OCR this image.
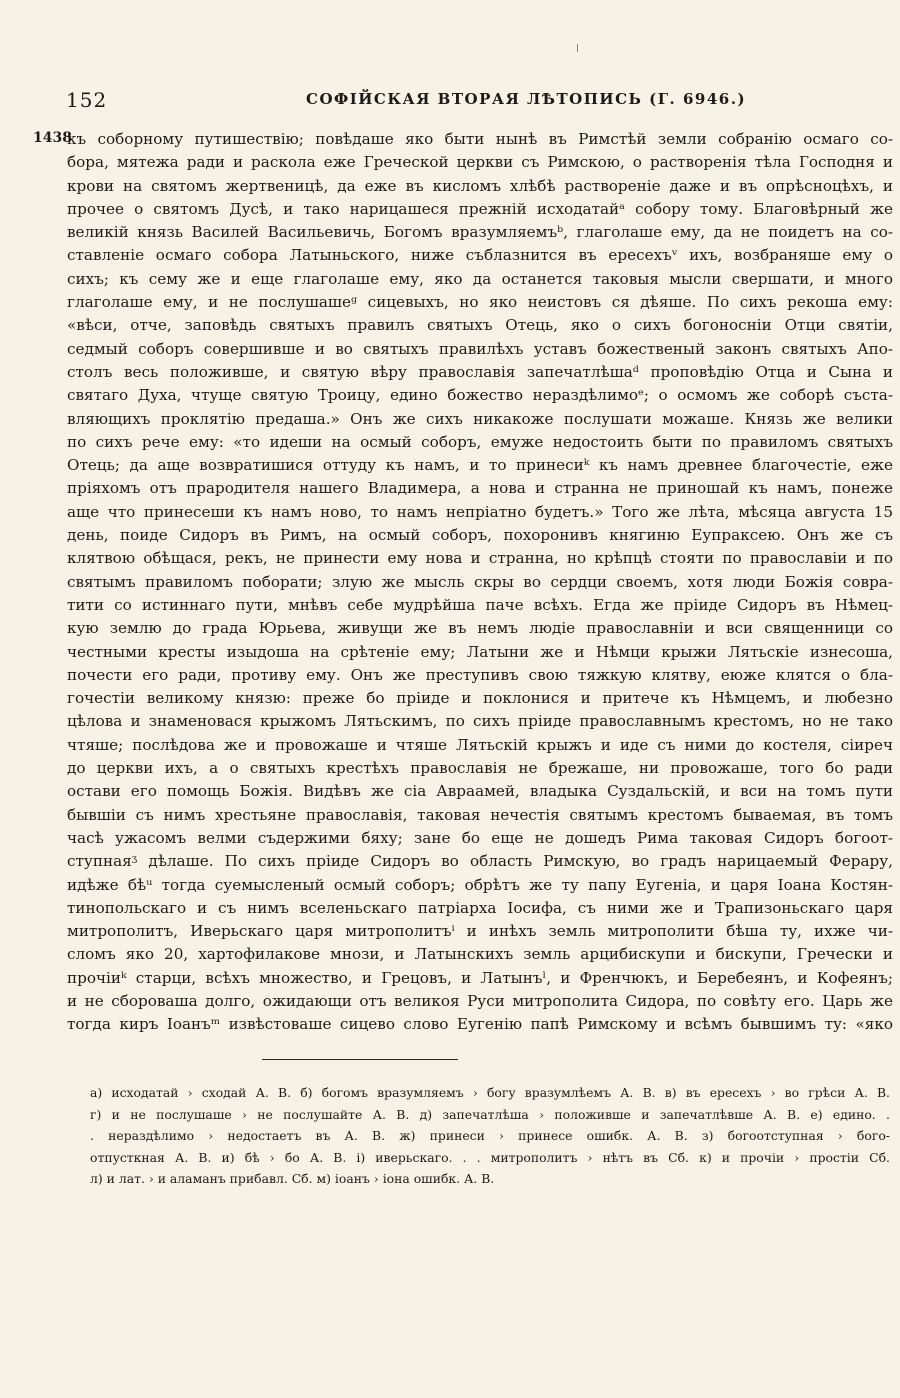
152	СОФІЙСКАЯ ВТОРАЯ ЛѢТОПИСЬ (Г. 6946.)
1438
къ соборному путишествію; повѣдаше яко быти нынѣ въ Римстѣй земли собранію осмаго со-
бора, мятежа ради и раскола еже Греческой церкви съ Римскою, о растворенія тѣла Господня и
крови на святомъ жертвеницѣ, да еже въ кисломъ хлѣбѣ растворенiе даже и въ опрѣсноцѣхъ, и
прочее о святомъ Дусѣ, и тако нарицашеся прежній исходатайᵃ собору тому. Благовѣрный же
великій князь Василей Васильевичь, Богомъ вразумляемъᵇ, глаголаше ему, да не поидетъ на со-
ставленіе осмаго собора Латыньского, ниже съблазнится въ ересехъᵛ ихъ, возбраняше ему о
сихъ; къ сему же и еще глаголаше ему, яко да останется таковыя мысли свершати, и много
глаголаше ему, и не послушашеᵍ сицевыхъ, но яко неистовъ ся дѣяше. По сихъ рекоша ему:
«вѣси, отче, заповѣдь святыхъ правилъ святыхъ Отець, яко о сихъ богоносніи Отци святіи,
седмый соборъ совершивше и во святыхъ правилѣхъ уставъ божественый законъ святыхъ Апо-
столъ весь положивше, и святую вѣру православія запечатлѣшаᵈ проповѣдію Отца и Сына и
святаго Духа, чтуще святую Троицу, едино божество нераздѣлимоᵉ; о осмомъ же соборѣ съста-
вляющихъ проклятію предаша.» Онъ же сихъ никакоже послушати можаше. Князь же велики
по сихъ рече ему: «то идеши на осмый соборъ, емуже недостоить быти по правиломъ святыхъ
Отець; да аще возвратишися оттуду къ намъ, и то принесиᵏ къ намъ древнее благочестіе, еже
пріяхомъ отъ прародителя нашего Владимера, а нова и странна не приношай къ намъ, понеже
аще что принесеши къ намъ ново, то намъ непріатно будетъ.» Того же лѣта, мѣсяца августа 15
день, поиде Сидоръ въ Римъ, на осмый соборъ, похоронивъ княгиню Еупраксею. Онъ же съ
клятвою обѣщася, рекъ, не принести ему нова и странна, но крѣпцѣ стояти по православіи и по
святымъ правиломъ поборати; злую же мысль скры во сердци своемъ, хотя люди Божія совра-
тити со истиннаго пути, мнѣвъ себе мудрѣйша паче всѣхъ. Егда же пріиде Сидоръ въ Нѣмец-
кую землю до града Юрьева, живущи же въ немъ людіе православніи и вси священници со
честными кресты изыдоша на срѣтеніе ему; Латыни же и Нѣмци крыжи Лятьскіе изнесоша,
почести его ради, противу ему. Онъ же преступивъ свою тяжкую клятву, еюже клятся о бла-
гочестіи великому князю: преже бо пріиде и поклонися и притече къ Нѣмцемъ, и любезно
цѣлова и знаменовася крыжомъ Лятьскимъ, по сихъ пріиде православнымъ крестомъ, но не тако
чтяше; послѣдова же и провожаше и чтяше Лятьскій крыжъ и иде съ ними до костеля, сіиреч
до церкви ихъ, а о святыхъ крестѣхъ православія не брежаше, ни провожаше, того бо ради
остави его помощь Божія. Видѣвъ же сіа Авраамей, владыка Суздальскій, и вси на томъ пути
бывшіи съ нимъ хрестьяне православія, таковая нечестія святымъ крестомъ бываемая, въ томъ
часѣ ужасомъ велми съдержими бяху; зане бо еще не дошедъ Рима таковая Сидоръ богоот-
ступнаяᶾ дѣлаше. По сихъ пріиде Сидоръ во область Римскую, во градъ нарицаемый Ферару,
идѣже бѣᵘ тогда суемысленый осмый соборъ; обрѣтъ же ту папу Еугеніа, и царя Іоана Костян-
тинопольскаго и съ нимъ вселеньскаго патріарха Іосифа, съ ними же и Трапизоньскаго царя
митрополитъ, Иверьскаго царя митрополитъⁱ и инѣхъ земль митрополити бѣша ту, ихже чи-
сломъ яко 20, хартофилакове мнози, и Латынскихъ земль арцибискупи и бискупи, Гречески и
прочіиᵏ старци, всѣхъ множество, и Грецовъ, и Латынъˡ, и Френчюкъ, и Беребеянъ, и Кофеянъ;
и не сбороваша долго, ожидающи отъ великоя Руси митрополита Сидора, по совѣту его. Царь же
тогда киръ Іоанъᵐ извѣстоваше сицево слово Еугенію папѣ Римскому и всѣмъ бывшимъ ту: «яко
а) исходатай › сходай А. В. б) богомъ вразумляемъ › богу вразумлѣемъ А. В. в) въ ересехъ › во грѣси А. В.
г) и не послушаше › не послушайте А. В. д) запечатлѣша › положивше и запечатлѣвше А. В. е) едино. .
. нераздѣлимо › недостаетъ въ А. В. ж) принеси › принесе ошибк. А. В. з) богоотступная › бого-
отпусткная А. В. и) бѣ › бо А. В. і) иверьскаго. . . митрополитъ › нѣтъ въ Сб. к) и прочіи › простіи Сб.
л) и лат. › и аламанъ прибавл. Сб. м) іоанъ › іона ошибк. А. В.
